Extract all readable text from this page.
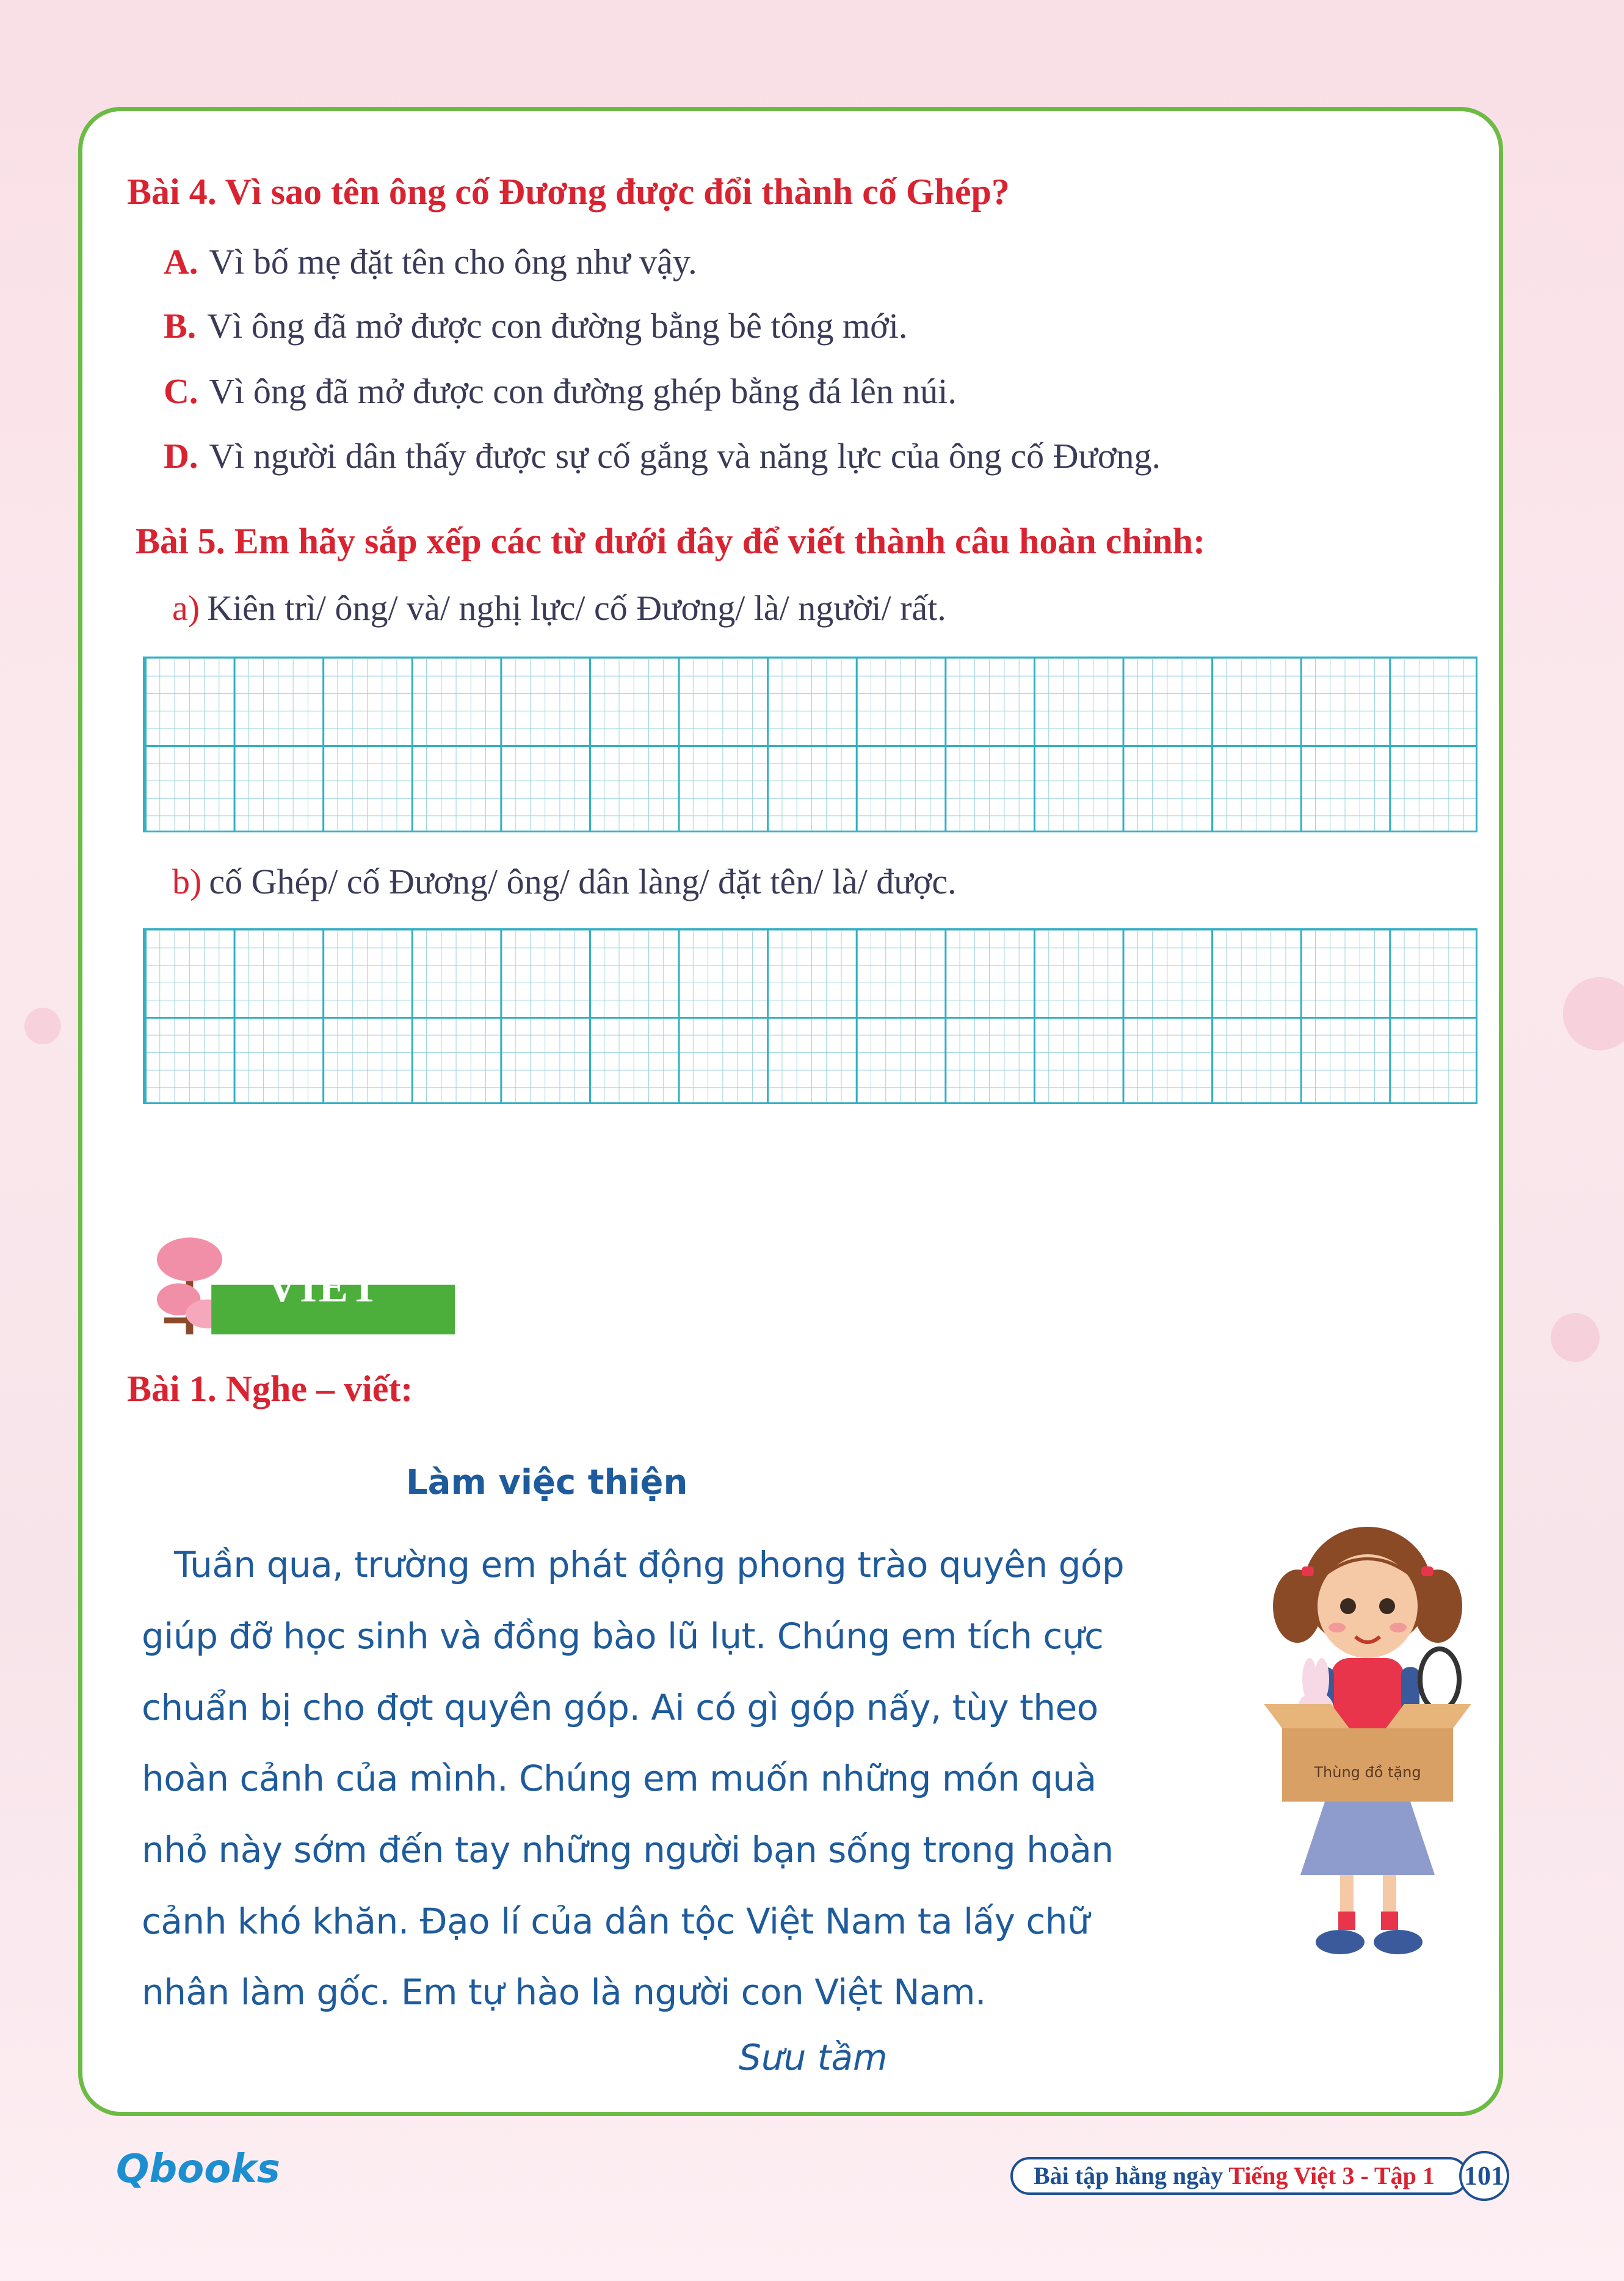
Bài 4. Vì sao tên ông cố Đương được đổi thành cố Ghép?
A. Vì bố mẹ đặt tên cho ông như vậy.
B. Vì ông đã mở được con đường bằng bê tông mới.
C. Vì ông đã mở được con đường ghép bằng đá lên núi.
D. Vì người dân thấy được sự cố gắng và năng lực của ông cố Đương.
Bài 5. Em hãy sắp xếp các từ dưới đây để viết thành câu hoàn chỉnh:
a) Kiên trì/ ông/ và/ nghị lực/ cố Đương/ là/ người/ rất.
b) cố Ghép/ cố Đương/ ông/ dân làng/ đặt tên/ là/ được.
VIẾT
Bài 1. Nghe – viết:
Làm việc thiện
Tuần qua, trường em phát động phong trào quyên góp
giúp đỡ học sinh và đồng bào lũ lụt. Chúng em tích cực
chuẩn bị cho đợt quyên góp. Ai có gì góp nấy, tùy theo
hoàn cảnh của mình. Chúng em muốn những món quà
nhỏ này sớm đến tay những người bạn sống trong hoàn
cảnh khó khăn. Đạo lí của dân tộc Việt Nam ta lấy chữ
nhân làm gốc. Em tự hào là người con Việt Nam.
Sưu tầm
Thùng đồ tặng
Qbooks	Bài tập hằng ngày Tiếng Việt 3 - Tập 1	101
